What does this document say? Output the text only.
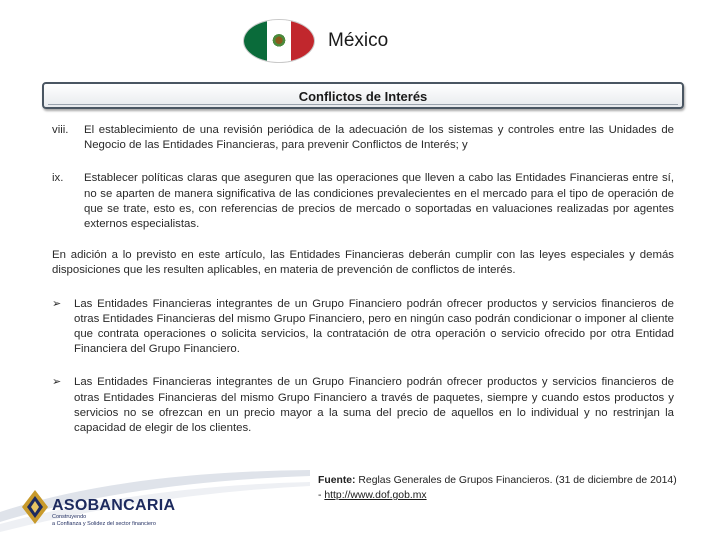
México
Conflictos de Interés
viii.	El establecimiento de una revisión periódica de la adecuación de los sistemas y controles entre las Unidades de Negocio de las Entidades Financieras, para prevenir Conflictos de Interés; y
ix.	Establecer políticas claras que aseguren que las operaciones que lleven a cabo las Entidades Financieras entre sí, no se aparten de manera significativa de las condiciones prevalecientes en el mercado para el tipo de operación de que se trate, esto es, con referencias de precios de mercado o soportadas en valuaciones realizadas por agentes externos especialistas.

En adición a lo previsto en este artículo, las Entidades Financieras deberán cumplir con las leyes especiales y demás disposiciones que les resulten aplicables, en materia de prevención de conflictos de interés.

➢	Las Entidades Financieras integrantes de un Grupo Financiero podrán ofrecer productos y servicios financieros de otras Entidades Financieras del mismo Grupo Financiero, pero en ningún caso podrán condicionar o imponer al cliente que contrata operaciones o solicita servicios, la contratación de otra operación o servicio ofrecido por otra Entidad Financiera del Grupo Financiero.
➢	Las Entidades Financieras integrantes de un Grupo Financiero podrán ofrecer productos y servicios financieros de otras Entidades Financieras del mismo Grupo Financiero a través de paquetes, siempre y cuando estos productos y servicios no se ofrezcan en un precio mayor a la suma del precio de aquellos en lo individual y no restrinjan la capacidad de elegir de los clientes.
Fuente: Reglas Generales de Grupos Financieros. (31 de diciembre de 2014) - http://www.dof.gob.mx
ASOBANCARIA
Construyendo
a Confianza y Solidez del sector financiero
